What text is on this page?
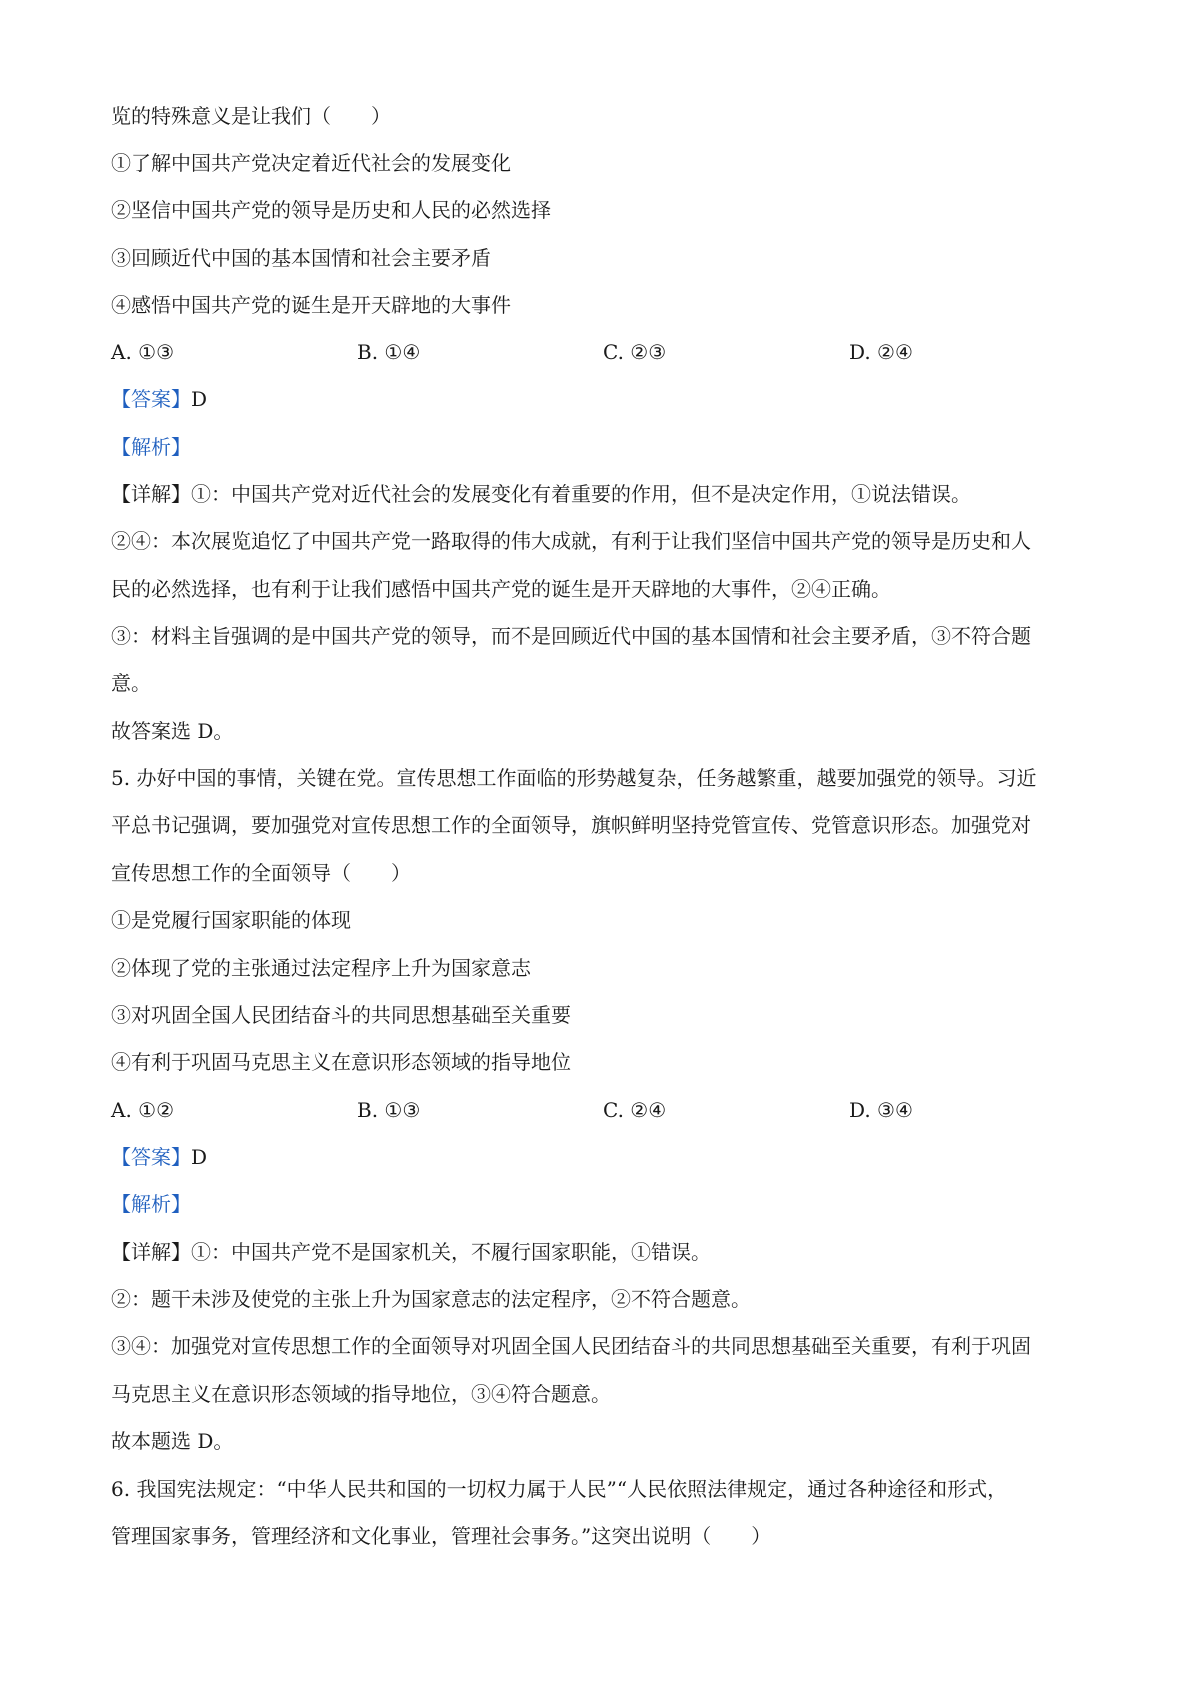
览的特殊意义是让我们（　　）
①了解中国共产党决定着近代社会的发展变化
②坚信中国共产党的领导是历史和人民的必然选择
③回顾近代中国的基本国情和社会主要矛盾
④感悟中国共产党的诞生是开天辟地的大事件
A. ①③	B. ①④	C. ②③	D. ②④
【答案】D
【解析】
【详解】①：中国共产党对近代社会的发展变化有着重要的作用，但不是决定作用，①说法错误。
②④：本次展览追忆了中国共产党一路取得的伟大成就，有利于让我们坚信中国共产党的领导是历史和人
民的必然选择，也有利于让我们感悟中国共产党的诞生是开天辟地的大事件，②④正确。
③：材料主旨强调的是中国共产党的领导，而不是回顾近代中国的基本国情和社会主要矛盾，③不符合题
意。
故答案选 D。
5. 办好中国的事情，关键在党。宣传思想工作面临的形势越复杂，任务越繁重，越要加强党的领导。习近
平总书记强调，要加强党对宣传思想工作的全面领导，旗帜鲜明坚持党管宣传、党管意识形态。加强党对
宣传思想工作的全面领导（　　）
①是党履行国家职能的体现
②体现了党的主张通过法定程序上升为国家意志
③对巩固全国人民团结奋斗的共同思想基础至关重要
④有利于巩固马克思主义在意识形态领域的指导地位
A. ①②	B. ①③	C. ②④	D. ③④
【答案】D
【解析】
【详解】①：中国共产党不是国家机关，不履行国家职能，①错误。
②：题干未涉及使党的主张上升为国家意志的法定程序，②不符合题意。
③④：加强党对宣传思想工作的全面领导对巩固全国人民团结奋斗的共同思想基础至关重要，有利于巩固
马克思主义在意识形态领域的指导地位，③④符合题意。
故本题选 D。
6. 我国宪法规定：“中华人民共和国的一切权力属于人民”“人民依照法律规定，通过各种途径和形式，
管理国家事务，管理经济和文化事业，管理社会事务。”这突出说明（　　）
